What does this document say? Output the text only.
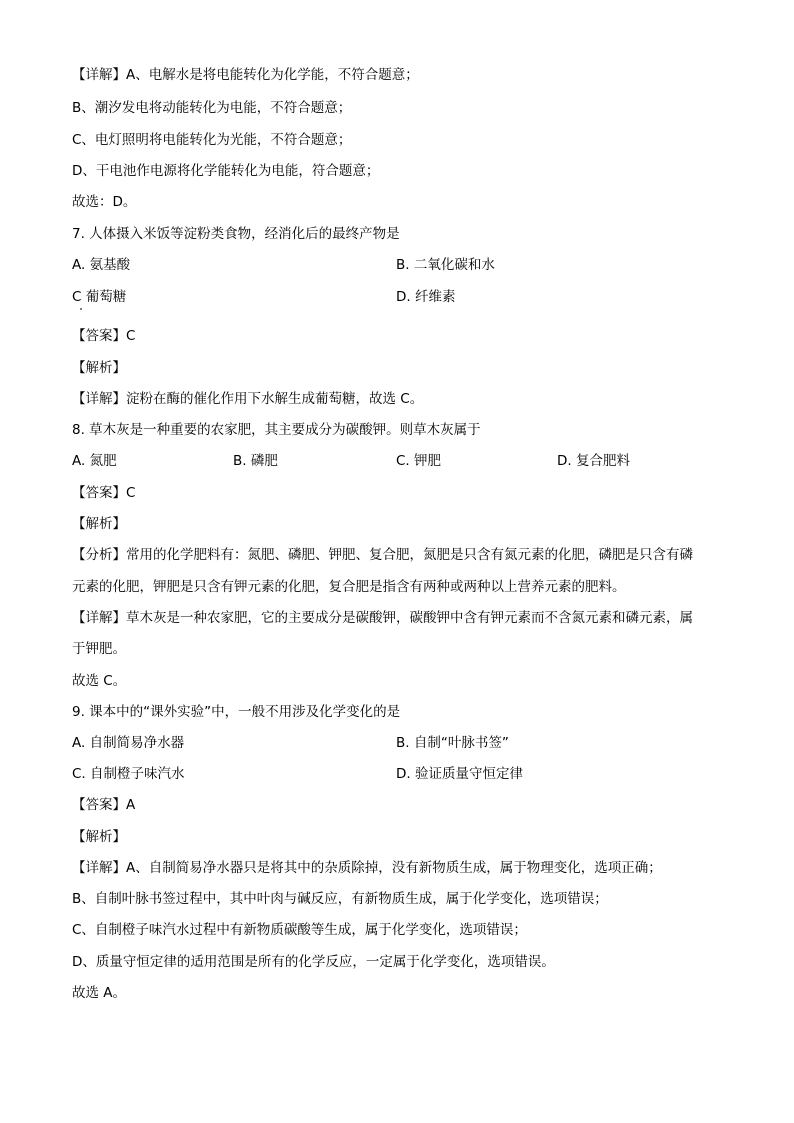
【详解】A、电解水是将电能转化为化学能，不符合题意；
B、潮汐发电将动能转化为电能，不符合题意；
C、电灯照明将电能转化为光能，不符合题意；
D、干电池作电源将化学能转化为电能，符合题意；
故选：D。
7. 人体摄入米饭等淀粉类食物，经消化后的最终产物是
A. 氨基酸	B. 二氧化碳和水
C 葡萄糖	D. 纤维素
【答案】C
【解析】
【详解】淀粉在酶的催化作用下水解生成葡萄糖，故选 C。
8. 草木灰是一种重要的农家肥，其主要成分为碳酸钾。则草木灰属于
A. 氮肥	B. 磷肥	C. 钾肥	D. 复合肥料
【答案】C
【解析】
【分析】常用的化学肥料有：氮肥、磷肥、钾肥、复合肥，氮肥是只含有氮元素的化肥，磷肥是只含有磷
元素的化肥，钾肥是只含有钾元素的化肥，复合肥是指含有两种或两种以上营养元素的肥料。
【详解】草木灰是一种农家肥，它的主要成分是碳酸钾，碳酸钾中含有钾元素而不含氮元素和磷元素，属
于钾肥。
故选 C。
9. 课本中的“课外实验”中，一般不用涉及化学变化的是
A. 自制简易净水器	B. 自制“叶脉书签”
C. 自制橙子味汽水	D. 验证质量守恒定律
【答案】A
【解析】
【详解】A、自制简易净水器只是将其中的杂质除掉，没有新物质生成，属于物理变化，选项正确；
B、自制叶脉书签过程中，其中叶肉与碱反应，有新物质生成，属于化学变化，选项错误；
C、自制橙子味汽水过程中有新物质碳酸等生成，属于化学变化，选项错误；
D、质量守恒定律的适用范围是所有的化学反应，一定属于化学变化，选项错误。
故选 A。
